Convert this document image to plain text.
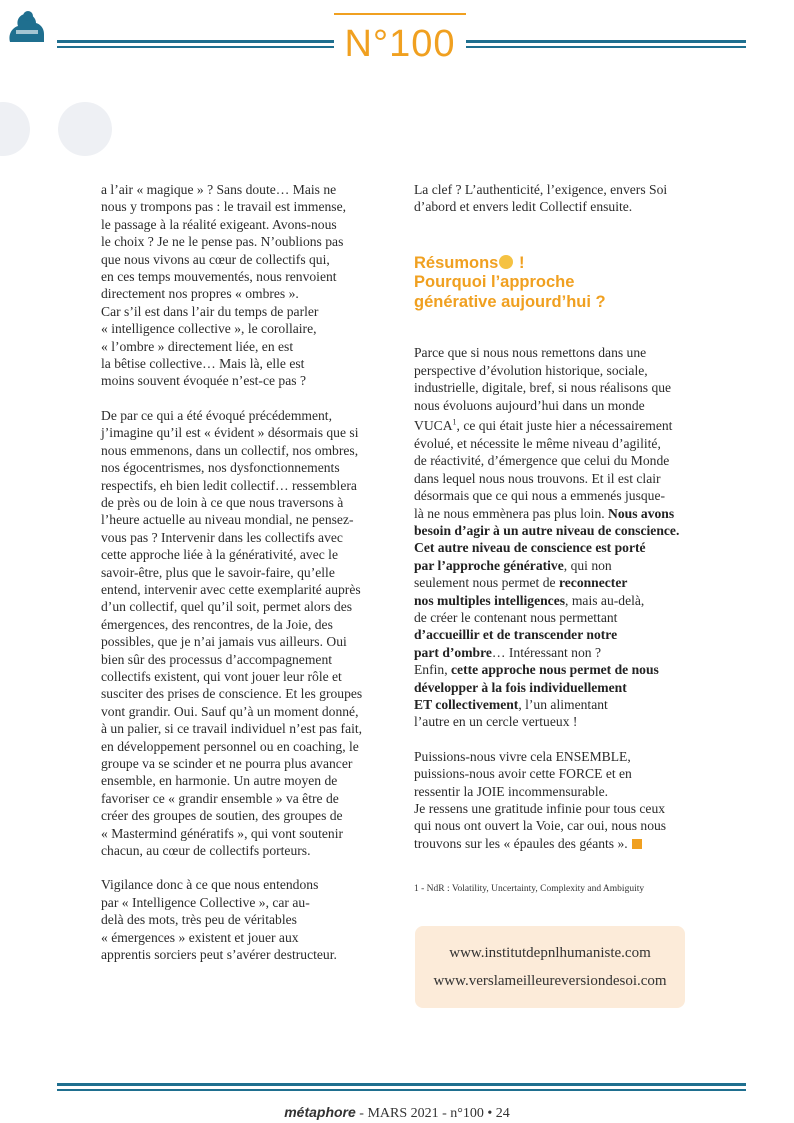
N°100

a l’air « magique » ? Sans doute… Mais ne
nous y trompons pas : le travail est immense,
le passage à la réalité exigeant. Avons-nous
le choix ? Je ne le pense pas. N’oublions pas
que nous vivons au cœur de collectifs qui,
en ces temps mouvementés, nous renvoient
directement nos propres « ombres ».
Car s’il est dans l’air du temps de parler
« intelligence collective », le corollaire,
« l’ombre » directement liée, en est
la bêtise collective… Mais là, elle est
moins souvent évoquée n’est-ce pas ?

De par ce qui a été évoqué précédemment,
j’imagine qu’il est « évident » désormais que si
nous emmenons, dans un collectif, nos ombres,
nos égocentrismes, nos dysfonctionnements
respectifs, eh bien ledit collectif… ressemblera
de près ou de loin à ce que nous traversons à
l’heure actuelle au niveau mondial, ne pensez-
vous pas ? Intervenir dans les collectifs avec
cette approche liée à la générativité, avec le
savoir-être, plus que le savoir-faire, qu’elle
entend, intervenir avec cette exemplarité auprès
d’un collectif, quel qu’il soit, permet alors des
émergences, des rencontres, de la Joie, des
possibles, que je n’ai jamais vus ailleurs. Oui
bien sûr des processus d’accompagnement
collectifs existent, qui vont jouer leur rôle et
susciter des prises de conscience. Et les groupes
vont grandir. Oui. Sauf qu’à un moment donné,
à un palier, si ce travail individuel n’est pas fait,
en développement personnel ou en coaching, le
groupe va se scinder et ne pourra plus avancer
ensemble, en harmonie. Un autre moyen de
favoriser ce « grandir ensemble » va être de
créer des groupes de soutien, des groupes de
« Mastermind génératifs », qui vont soutenir
chacun, au cœur de collectifs porteurs.

Vigilance donc à ce que nous entendons
par « Intelligence Collective », car au-
delà des mots, très peu de véritables
« émergences » existent et jouer aux
apprentis sorciers peut s’avérer destructeur.

La clef ? L’authenticité, l’exigence, envers Soi
d’abord et envers ledit Collectif ensuite.

Résumons !
Pourquoi l’approche
générative aujourd’hui ?

Parce que si nous nous remettons dans une
perspective d’évolution historique, sociale,
industrielle, digitale, bref, si nous réalisons que
nous évoluons aujourd’hui dans un monde
VUCA$^1$, ce qui était juste hier a nécessairement
évolué, et nécessite le même niveau d’agilité,
de réactivité, d’émergence que celui du Monde
dans lequel nous nous trouvons. Et il est clair
désormais que ce qui nous a emmenés jusque-
là ne nous emmènera pas plus loin. Nous avons
besoin d’agir à un autre niveau de conscience.
Cet autre niveau de conscience est porté
par l’approche générative, qui non
seulement nous permet de reconnecter
nos multiples intelligences, mais au-delà,
de créer le contenant nous permettant
d’accueillir et de transcender notre
part d’ombre… Intéressant non ?
Enfin, cette approche nous permet de nous
développer à la fois individuellement
ET collectivement, l’un alimentant
l’autre en un cercle vertueux !

Puissions-nous vivre cela ENSEMBLE,
puissions-nous avoir cette FORCE et en
ressentir la JOIE incommensurable.
Je ressens une gratitude infinie pour tous ceux
qui nous ont ouvert la Voie, car oui, nous nous
trouvons sur les « épaules des géants ».

1 - NdR : Volatility, Uncertainty, Complexity and Ambiguity
www.institutdepnlhumaniste.com
www.verslameilleureversiondesoi.com
métaphore - MARS 2021 - n°100 • 24
